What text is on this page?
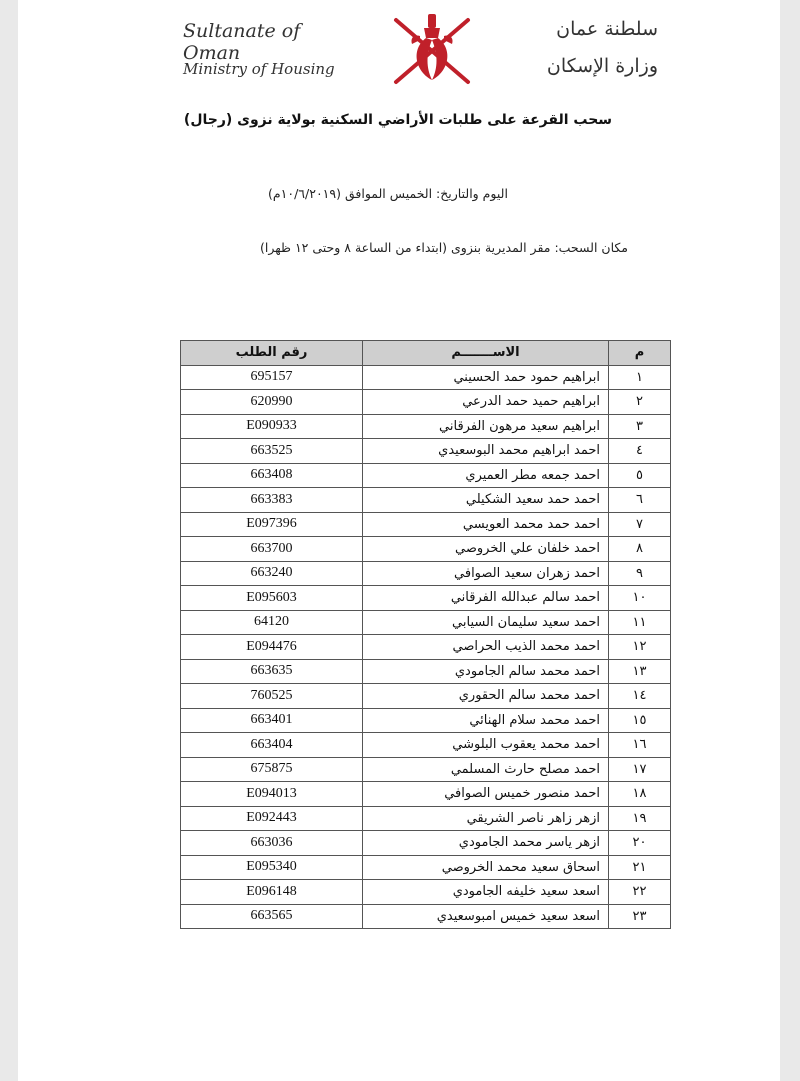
Sultanate of Oman
Ministry of Housing
سلطنة عمان
وزارة الإسكان
سحب القرعة على طلبات الأراضي السكنية بولاية نزوى (رجال)
اليوم والتاريخ: الخميس الموافق (١٠/٦/٢٠١٩م)
مكان السحب: مقر المديرية بنزوى (ابتداء من الساعة ٨ وحتى ١٢ ظهرا)
م	الاســـــــم	رقم الطلب
١	ابراهيم حمود حمد الحسيني	695157
٢	ابراهيم حميد حمد الدرعي	620990
٣	ابراهيم سعيد مرهون الفرقاني	E090933
٤	احمد ابراهيم محمد البوسعيدي	663525
٥	احمد جمعه مطر العميري	663408
٦	احمد حمد سعيد الشكيلي	663383
٧	احمد حمد محمد العويسي	E097396
٨	احمد خلفان علي الخروصي	663700
٩	احمد زهران سعيد الصوافي	663240
١٠	احمد سالم عبدالله الفرقاني	E095603
١١	احمد سعيد سليمان السيابي	64120
١٢	احمد محمد الذيب الحراصي	E094476
١٣	احمد محمد سالم الجامودي	663635
١٤	احمد محمد سالم الحقوري	760525
١٥	احمد محمد سلام الهنائي	663401
١٦	احمد محمد يعقوب البلوشي	663404
١٧	احمد مصلح حارث المسلمي	675875
١٨	احمد منصور خميس الصوافي	E094013
١٩	ازهر زاهر ناصر الشريقي	E092443
٢٠	ازهر ياسر محمد الجامودي	663036
٢١	اسحاق سعيد محمد الخروصي	E095340
٢٢	اسعد سعيد خليفه الجامودي	E096148
٢٣	اسعد سعيد خميس امبوسعيدي	663565
